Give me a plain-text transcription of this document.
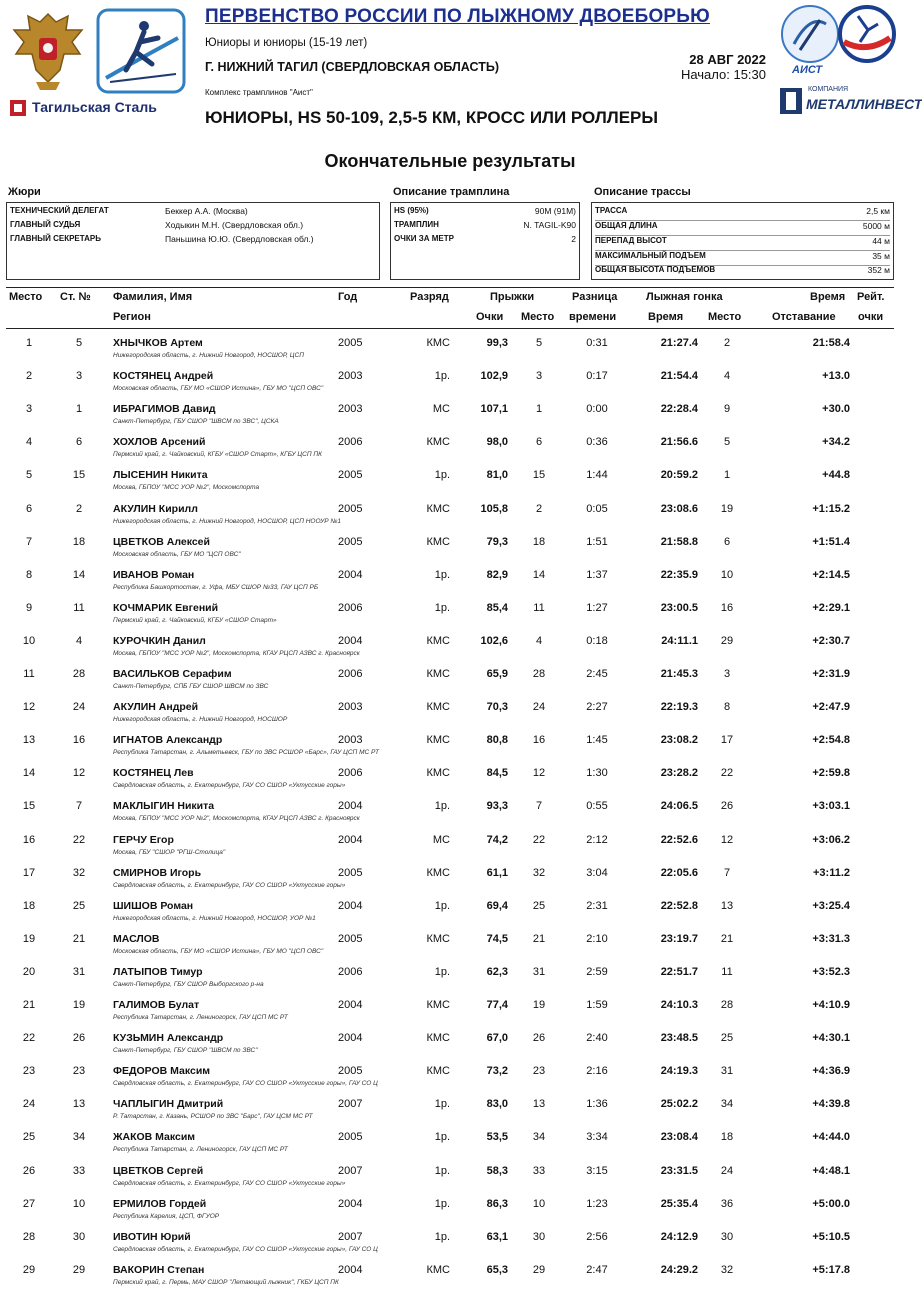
Тагильская Сталь
АИСТ
КОМПАНИЯ
МЕТАЛЛИНВЕСТ
ПЕРВЕНСТВО РОССИИ ПО ЛЫЖНОМУ ДВОЕБОРЬЮ
Юниоры и юниоры (15-19 лет)
Г. НИЖНИЙ ТАГИЛ (СВЕРДЛОВСКАЯ ОБЛАСТЬ)
Комплекс трамплинов "Аист"
ЮНИОРЫ, HS 50-109, 2,5-5 КМ, КРОСС ИЛИ РОЛЛЕРЫ
28 АВГ 2022
Начало: 15:30
Окончательные результаты
Жюри
ТЕХНИЧЕСКИЙ ДЕЛЕГАТ	Беккер А.А. (Москва)
ГЛАВНЫЙ СУДЬЯ	Ходыкин М.Н. (Свердловская обл.)
ГЛАВНЫЙ СЕКРЕТАРЬ	Паньшина Ю.Ю. (Свердловская обл.)
Описание трамплина
HS (95%)	90M (91M)
ТРАМПЛИН	N. TAGIL-K90
ОЧКИ ЗА МЕТР	2
Описание трассы
ТРАССА	2,5 км
ОБЩАЯ ДЛИНА	5000 м
ПЕРЕПАД ВЫСОТ	44 м
МАКСИМАЛЬНЫЙ ПОДЪЕМ	35 м
ОБЩАЯ ВЫСОТА ПОДЪЕМОВ	352 м
Место Ст. № Фамилия, Имя
Регион
Год	Разряд	Прыжки
Очки Место
Разница
времени
Лыжная гонка
Время Место
Время
Отставание
Рейт.
очки
1	5	ХНЫЧКОВ Артем	2005	КМС	99,3	5	0:31	21:27.4	2	21:58.4
Нижегородская область, г. Нижний Новгород, НОСШОР, ЦСП
2	3	КОСТЯНЕЦ Андрей	2003	1р.	102,9	3	0:17	21:54.4	4	+13.0
Московская область, ГБУ МО «СШОР Истина», ГБУ МО "ЦСП ОВС"
3	1	ИБРАГИМОВ Давид	2003	МС	107,1	1	0:00	22:28.4	9	+30.0
Санкт-Петербург, ГБУ СШОР "ШВСМ по ЗВС", ЦСКА
4	6	ХОХЛОВ Арсений	2006	КМС	98,0	6	0:36	21:56.6	5	+34.2
Пермский край, г. Чайковский, КГБУ «СШОР Старт», КГБУ ЦСП ПК
5	15	ЛЫСЕНИН Никита	2005	1р.	81,0	15	1:44	20:59.2	1	+44.8
Москва, ГБПОУ "МСС УОР №2", Москомспорта
6	2	АКУЛИН Кирилл	2005	КМС	105,8	2	0:05	23:08.6	19	+1:15.2
Нижегородская область, г. Нижний Новгород, НОСШОР, ЦСП НООУР №1
7	18	ЦВЕТКОВ Алексей	2005	КМС	79,3	18	1:51	21:58.8	6	+1:51.4
Московская область, ГБУ МО "ЦСП ОВС"
8	14	ИВАНОВ Роман	2004	1р.	82,9	14	1:37	22:35.9	10	+2:14.5
Республика Башкортостан, г. Уфа, МБУ СШОР №33, ГАУ ЦСП РБ
9	11	КОЧМАРИК Евгений	2006	1р.	85,4	11	1:27	23:00.5	16	+2:29.1
Пермский край, г. Чайковский, КГБУ «СШОР Старт»
10	4	КУРОЧКИН Данил	2004	КМС	102,6	4	0:18	24:11.1	29	+2:30.7
Москва, ГБПОУ "МСС УОР №2", Москомспорта, КГАУ РЦСП АЗВС г. Красноярск
11	28	ВАСИЛЬКОВ Серафим	2006	КМС	65,9	28	2:45	21:45.3	3	+2:31.9
Санкт-Петербург, СПБ ГБУ СШОР ШВСМ по ЗВС
12	24	АКУЛИН Андрей	2003	КМС	70,3	24	2:27	22:19.3	8	+2:47.9
Нижегородская область, г. Нижний Новгород, НОСШОР
13	16	ИГНАТОВ Александр	2003	КМС	80,8	16	1:45	23:08.2	17	+2:54.8
Республика Татарстан, г. Альметьевск, ГБУ по ЗВС РСШОР «Барс», ГАУ ЦСП МС РТ
14	12	КОСТЯНЕЦ Лев	2006	КМС	84,5	12	1:30	23:28.2	22	+2:59.8
Свердловская область, г. Екатеринбург, ГАУ СО СШОР «Уктусские горы»
15	7	МАКЛЫГИН Никита	2004	1р.	93,3	7	0:55	24:06.5	26	+3:03.1
Москва, ГБПОУ "МСС УОР №2", Москомспорта, КГАУ РЦСП АЗВС г. Красноярск
16	22	ГЕРЧУ Егор	2004	МС	74,2	22	2:12	22:52.6	12	+3:06.2
Москва, ГБУ "СШОР "РГШ-Столица"
17	32	СМИРНОВ Игорь	2005	КМС	61,1	32	3:04	22:05.6	7	+3:11.2
Свердловская область, г. Екатеринбург, ГАУ СО СШОР «Уктусские горы»
18	25	ШИШОВ Роман	2004	1р.	69,4	25	2:31	22:52.8	13	+3:25.4
Нижегородская область, г. Нижний Новгород, НОСШОР, УОР №1
19	21	МАСЛОВ	2005	КМС	74,5	21	2:10	23:19.7	21	+3:31.3
Московская область, ГБУ МО «СШОР Истина», ГБУ МО "ЦСП ОВС"
20	31	ЛАТЫПОВ Тимур	2006	1р.	62,3	31	2:59	22:51.7	11	+3:52.3
Санкт-Петербург, ГБУ СШОР Выборгского р-на
21	19	ГАЛИМОВ Булат	2004	КМС	77,4	19	1:59	24:10.3	28	+4:10.9
Республика Татарстан, г. Лениногорск, ГАУ ЦСП МС РТ
22	26	КУЗЬМИН Александр	2004	КМС	67,0	26	2:40	23:48.5	25	+4:30.1
Санкт-Петербург, ГБУ СШОР "ШВСМ по ЗВС"
23	23	ФЕДОРОВ Максим	2005	КМС	73,2	23	2:16	24:19.3	31	+4:36.9
Свердловская область, г. Екатеринбург, ГАУ СО СШОР «Уктусские горы», ГАУ СО Ц
24	13	ЧАПЛЫГИН Дмитрий	2007	1р.	83,0	13	1:36	25:02.2	34	+4:39.8
Р. Татарстан, г. Казань, РСШОР по ЗВС "Барс", ГАУ ЦСМ МС РТ
25	34	ЖАКОВ Максим	2005	1р.	53,5	34	3:34	23:08.4	18	+4:44.0
Республика Татарстан, г. Лениногорск, ГАУ ЦСП МС РТ
26	33	ЦВЕТКОВ Сергей	2007	1р.	58,3	33	3:15	23:31.5	24	+4:48.1
Свердловская область, г. Екатеринбург, ГАУ СО СШОР «Уктусские горы»
27	10	ЕРМИЛОВ Гордей	2004	1р.	86,3	10	1:23	25:35.4	36	+5:00.0
Республика Карелия, ЦСП, ФГУОР
28	30	ИВОТИН Юрий	2007	1р.	63,1	30	2:56	24:12.9	30	+5:10.5
Свердловская область, г. Екатеринбург, ГАУ СО СШОР «Уктусские горы», ГАУ СО Ц
29	29	ВАКОРИН Степан	2004	КМС	65,3	29	2:47	24:29.2	32	+5:17.8
Пермский край, г. Пермь, МАУ СШОР "Летающий лыжник", ГКБУ ЦСП ПК
